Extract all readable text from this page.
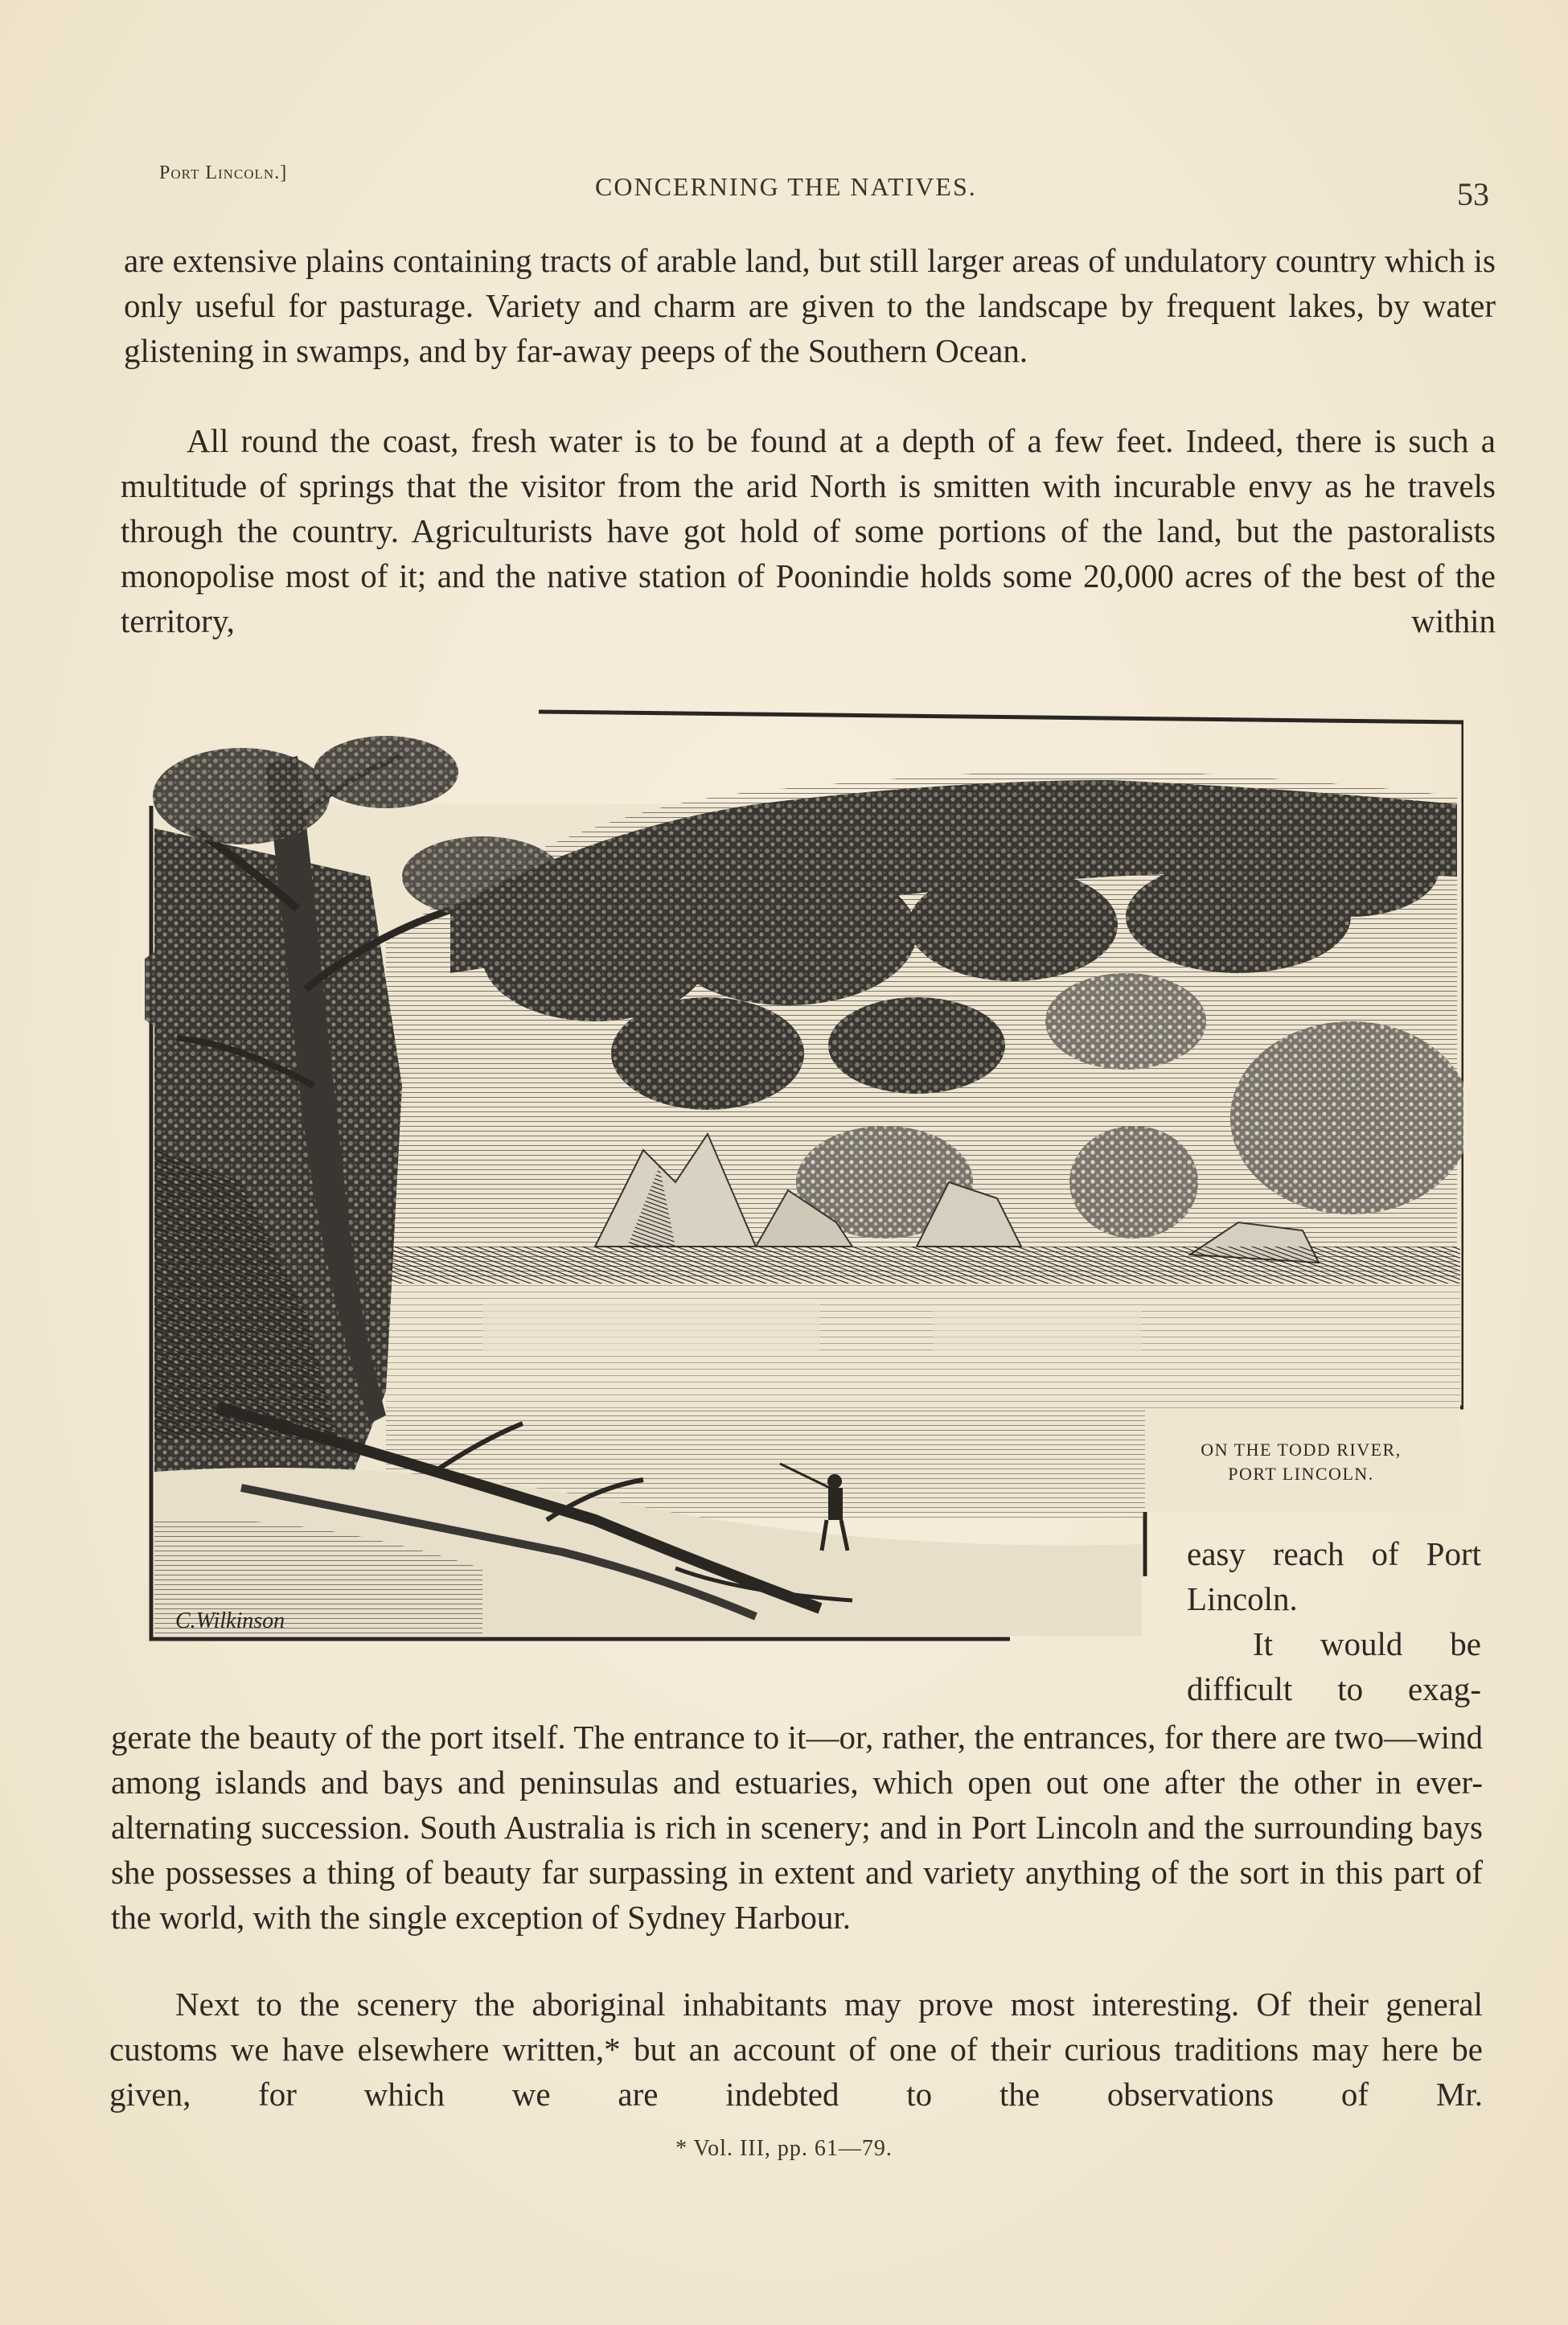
Port Lincoln.]	CONCERNING THE NATIVES.	53

are extensive plains containing tracts of arable land, but still larger areas of undulatory country which is only useful for pasturage. Variety and charm are given to the landscape by frequent lakes, by water glistening in swamps, and by far-away peeps of the Southern Ocean.

All round the coast, fresh water is to be found at a depth of a few feet. Indeed, there is such a multitude of springs that the visitor from the arid North is smitten with incurable envy as he travels through the country. Agriculturists have got hold of some portions of the land, but the pastoralists monopolise most of it; and the native station of Poonindie holds some 20,000 acres of the best of the territory, within

C.Wilkinson
ON THE TODD RIVER,
PORT LINCOLN.

easy reach of Port Lincoln.
It would be difficult to exag-

gerate the beauty of the port itself. The entrance to it—or, rather, the entrances, for there are two—wind among islands and bays and peninsulas and estuaries, which open out one after the other in ever-alternating succession. South Australia is rich in scenery; and in Port Lincoln and the surrounding bays she possesses a thing of beauty far surpassing in extent and variety anything of the sort in this part of the world, with the single exception of Sydney Harbour.

Next to the scenery the aboriginal inhabitants may prove most interesting. Of their general customs we have elsewhere written,* but an account of one of their curious traditions may here be given, for which we are indebted to the observations of Mr.

* Vol. III, pp. 61—79.
